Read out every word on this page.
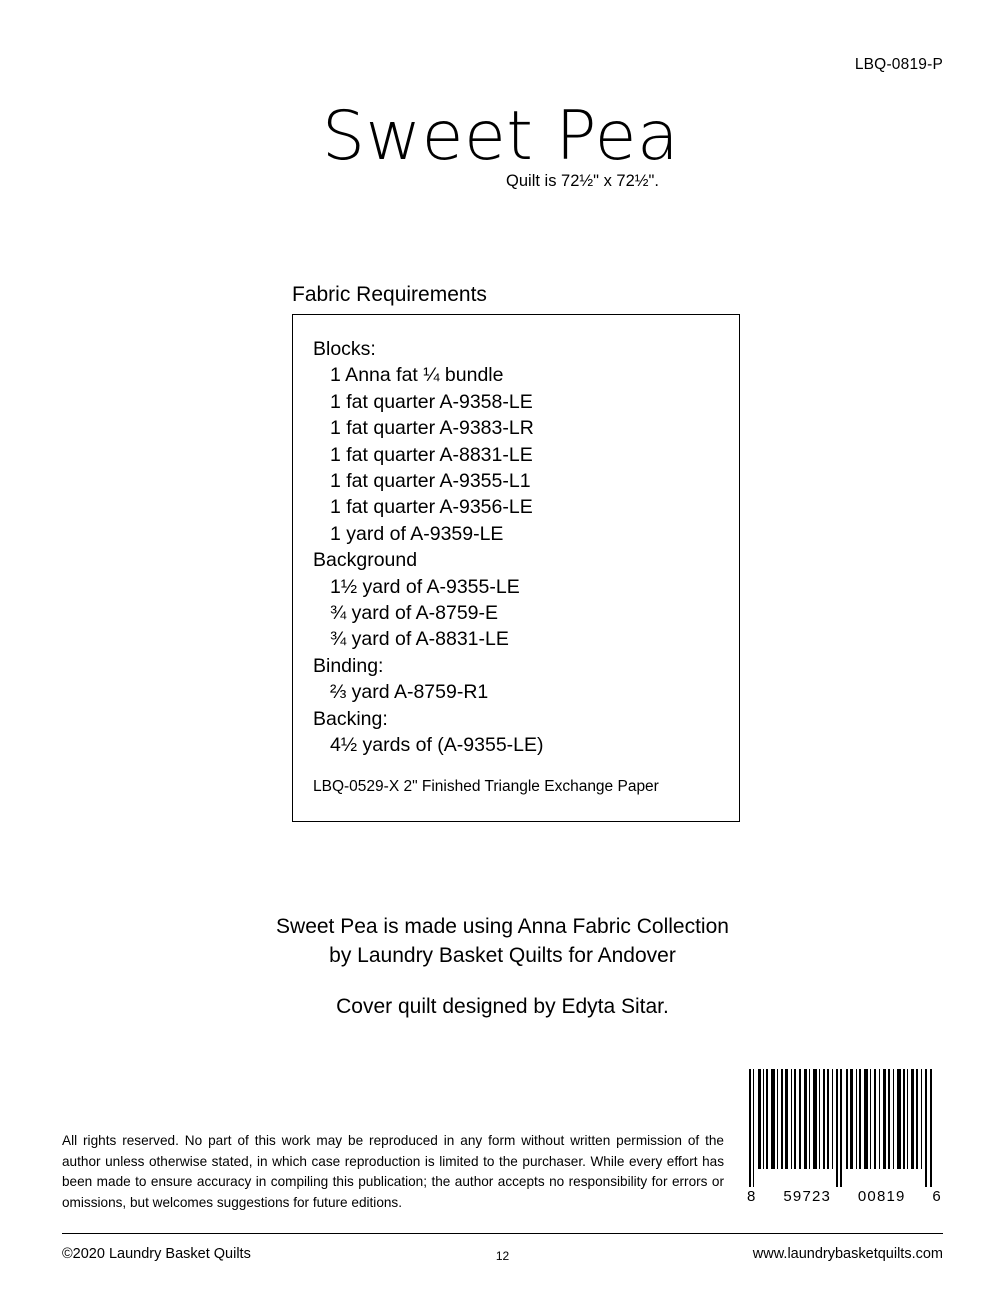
LBQ-0819-P
Sweet Pea
Quilt is 72½" x 72½".
Fabric Requirements
Blocks:
1 Anna fat ¼ bundle
1 fat quarter A-9358-LE
1 fat quarter A-9383-LR
1 fat quarter A-8831-LE
1 fat quarter A-9355-L1
1 fat quarter A-9356-LE
1 yard of A-9359-LE
Background
1½ yard of A-9355-LE
¾ yard of A-8759-E
¾ yard of A-8831-LE
Binding:
⅔ yard A-8759-R1
Backing:
4½ yards of (A-9355-LE)
LBQ-0529-X 2" Finished Triangle Exchange Paper
Sweet Pea is made using Anna Fabric Collection
by Laundry Basket Quilts for Andover
Cover quilt designed by Edyta Sitar.
8 59723 00819 6
All rights reserved. No part of this work may be reproduced in any form without written permission of the author unless otherwise stated, in which case reproduction is limited to the purchaser. While every effort has been made to ensure accuracy in compiling this publication; the author accepts no responsibility for errors or omissions, but welcomes suggestions for future editions.
©2020 Laundry Basket Quilts	12	www.laundrybasketquilts.com
